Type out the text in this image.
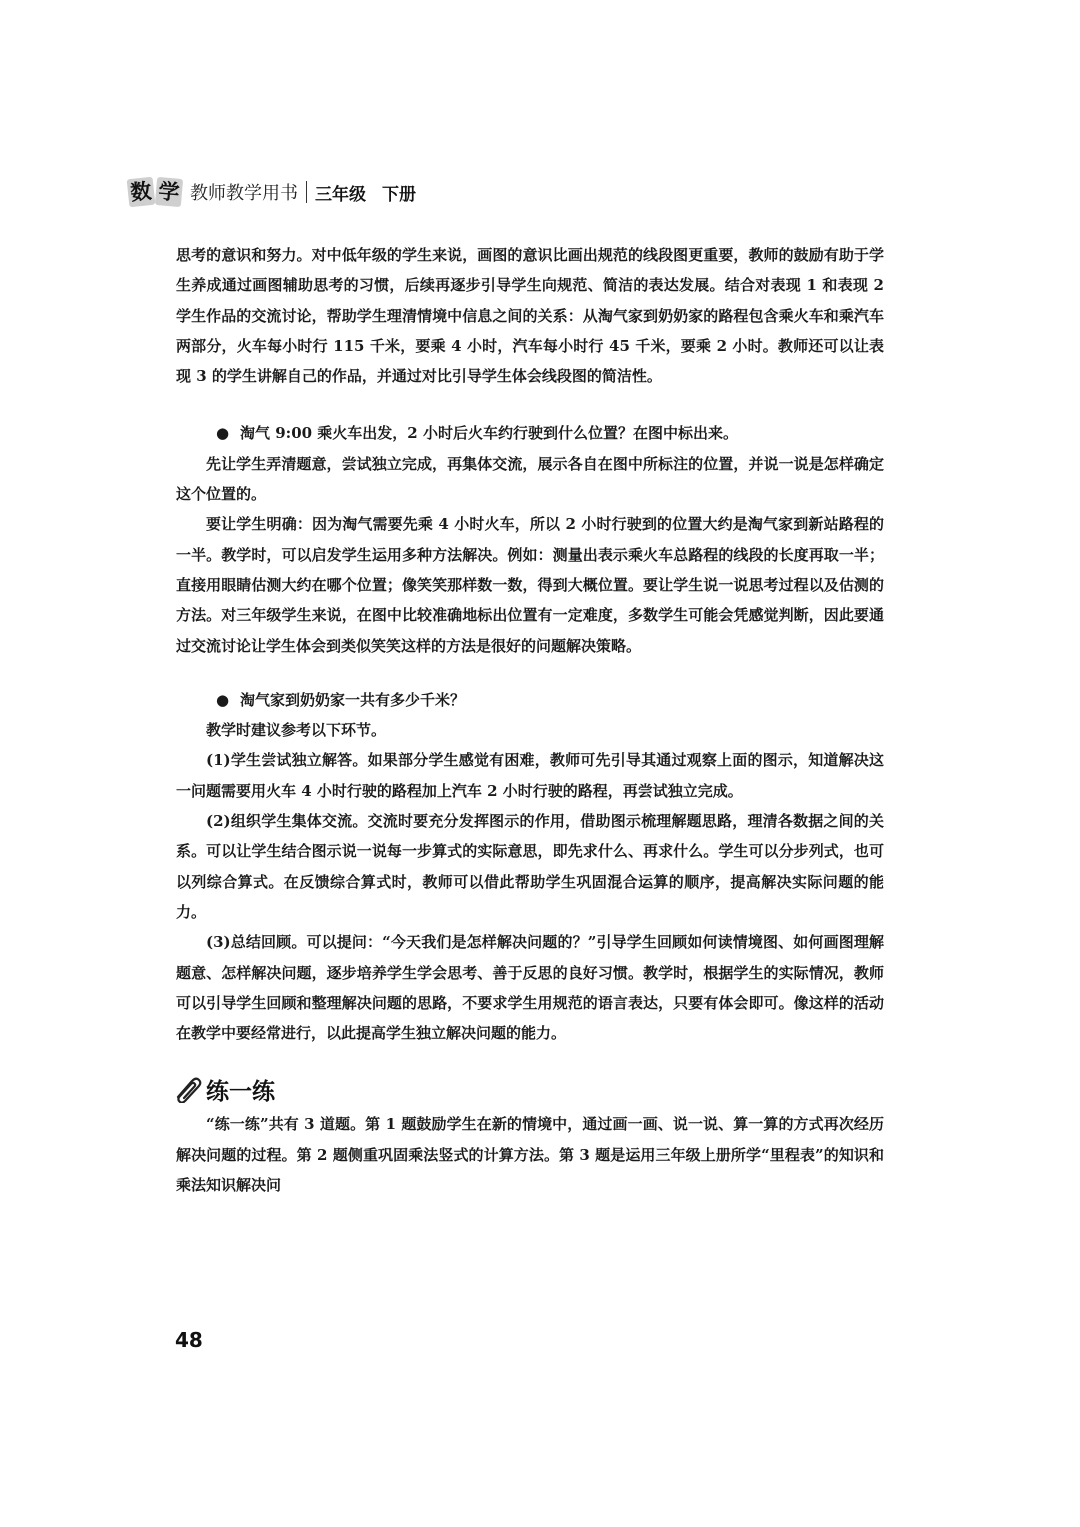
数 学 教师教学用书 三年级 下册

思考的意识和努力。对中低年级的学生来说，画图的意识比画出规范的线段图更重要，教师的鼓励有助于学生养成通过画图辅助思考的习惯，后续再逐步引导学生向规范、简洁的表达发展。结合对表现 1 和表现 2 学生作品的交流讨论，帮助学生理清情境中信息之间的关系：从淘气家到奶奶家的路程包含乘火车和乘汽车两部分，火车每小时行 115 千米，要乘 4 小时，汽车每小时行 45 千米，要乘 2 小时。教师还可以让表现 3 的学生讲解自己的作品，并通过对比引导学生体会线段图的简洁性。

● 淘气 9:00 乘火车出发，2 小时后火车约行驶到什么位置？在图中标出来。

先让学生弄清题意，尝试独立完成，再集体交流，展示各自在图中所标注的位置，并说一说是怎样确定这个位置的。

要让学生明确：因为淘气需要先乘 4 小时火车，所以 2 小时行驶到的位置大约是淘气家到新站路程的一半。教学时，可以启发学生运用多种方法解决。例如：测量出表示乘火车总路程的线段的长度再取一半；直接用眼睛估测大约在哪个位置；像笑笑那样数一数，得到大概位置。要让学生说一说思考过程以及估测的方法。对三年级学生来说，在图中比较准确地标出位置有一定难度，多数学生可能会凭感觉判断，因此要通过交流讨论让学生体会到类似笑笑这样的方法是很好的问题解决策略。

● 淘气家到奶奶家一共有多少千米？

教学时建议参考以下环节。

(1)学生尝试独立解答。如果部分学生感觉有困难，教师可先引导其通过观察上面的图示，知道解决这一问题需要用火车 4 小时行驶的路程加上汽车 2 小时行驶的路程，再尝试独立完成。

(2)组织学生集体交流。交流时要充分发挥图示的作用，借助图示梳理解题思路，理清各数据之间的关系。可以让学生结合图示说一说每一步算式的实际意思，即先求什么、再求什么。学生可以分步列式，也可以列综合算式。在反馈综合算式时，教师可以借此帮助学生巩固混合运算的顺序，提高解决实际问题的能力。

(3)总结回顾。可以提问：“今天我们是怎样解决问题的？”引导学生回顾如何读情境图、如何画图理解题意、怎样解决问题，逐步培养学生学会思考、善于反思的良好习惯。教学时，根据学生的实际情况，教师可以引导学生回顾和整理解决问题的思路，不要求学生用规范的语言表达，只要有体会即可。像这样的活动在教学中要经常进行，以此提高学生独立解决问题的能力。

练一练

“练一练”共有 3 道题。第 1 题鼓励学生在新的情境中，通过画一画、说一说、算一算的方式再次经历解决问题的过程。第 2 题侧重巩固乘法竖式的计算方法。第 3 题是运用三年级上册所学“里程表”的知识和乘法知识解决问

48
